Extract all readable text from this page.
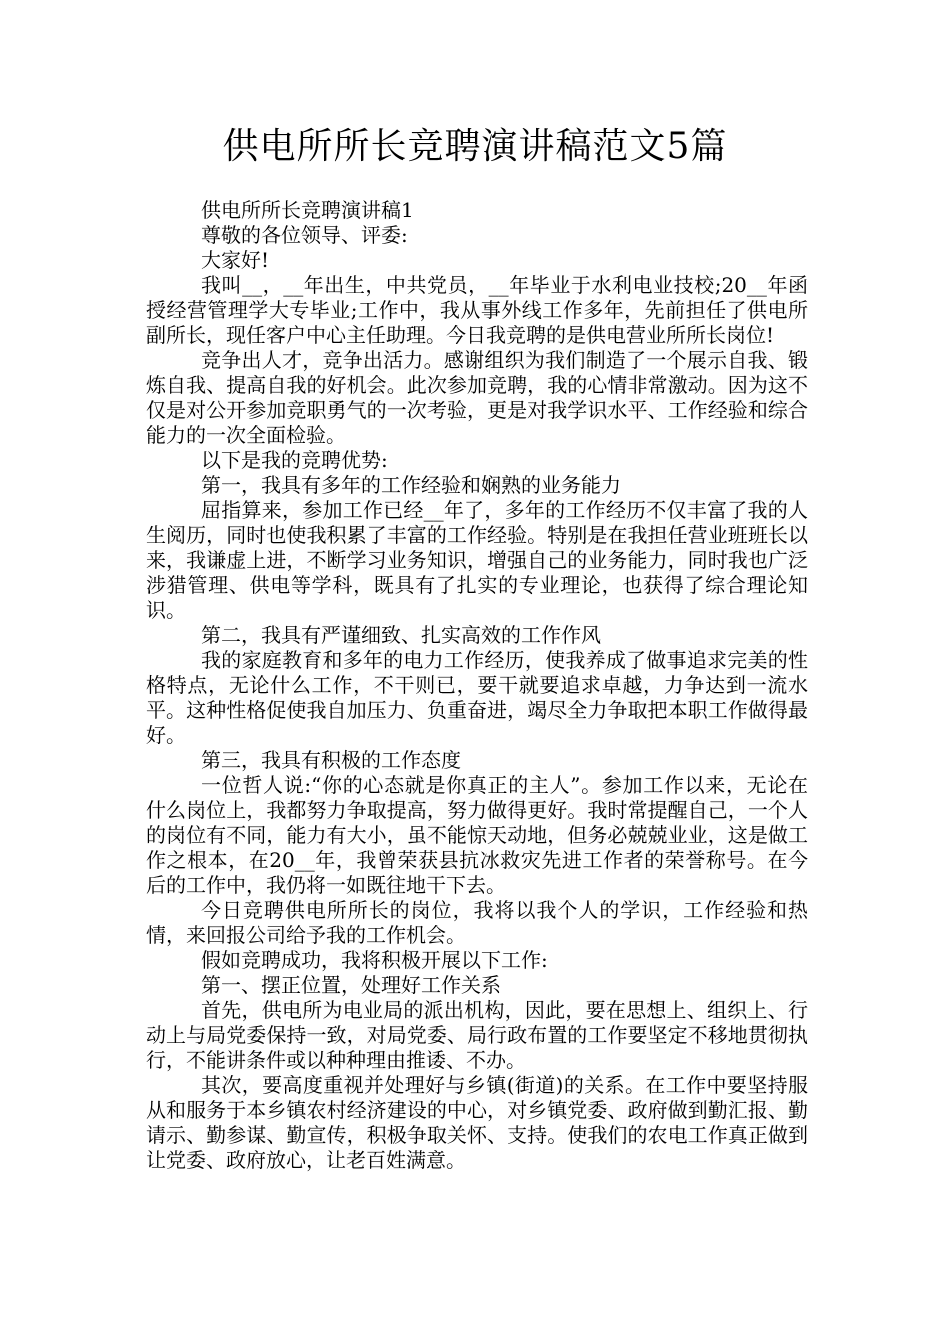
供电所所长竞聘演讲稿范文5篇

供电所所长竞聘演讲稿1

尊敬的各位领导、评委:

大家好!

我叫__，__年出生，中共党员，__年毕业于水利电业技校;20__年函授经营管理学大专毕业;工作中，我从事外线工作多年，先前担任了供电所副所长，现任客户中心主任助理。今日我竞聘的是供电营业所所长岗位!

竞争出人才，竞争出活力。感谢组织为我们制造了一个展示自我、锻炼自我、提高自我的好机会。此次参加竞聘，我的心情非常激动。因为这不仅是对公开参加竞职勇气的一次考验，更是对我学识水平、工作经验和综合能力的一次全面检验。

以下是我的竞聘优势:

第一，我具有多年的工作经验和娴熟的业务能力

屈指算来，参加工作已经__年了，多年的工作经历不仅丰富了我的人生阅历，同时也使我积累了丰富的工作经验。特别是在我担任营业班班长以来，我谦虚上进，不断学习业务知识，增强自己的业务能力，同时我也广泛涉猎管理、供电等学科，既具有了扎实的专业理论，也获得了综合理论知识。

第二，我具有严谨细致、扎实高效的工作作风

我的家庭教育和多年的电力工作经历，使我养成了做事追求完美的性格特点，无论什么工作，不干则已，要干就要追求卓越，力争达到一流水平。这种性格促使我自加压力、负重奋进，竭尽全力争取把本职工作做得最好。

第三，我具有积极的工作态度

一位哲人说:“你的心态就是你真正的主人”。参加工作以来，无论在什么岗位上，我都努力争取提高，努力做得更好。我时常提醒自己，一个人的岗位有不同，能力有大小，虽不能惊天动地，但务必兢兢业业，这是做工作之根本，在20__年，我曾荣获县抗冰救灾先进工作者的荣誉称号。在今后的工作中，我仍将一如既往地干下去。

今日竞聘供电所所长的岗位，我将以我个人的学识，工作经验和热情，来回报公司给予我的工作机会。

假如竞聘成功，我将积极开展以下工作:

第一、摆正位置，处理好工作关系

首先，供电所为电业局的派出机构，因此，要在思想上、组织上、行动上与局党委保持一致，对局党委、局行政布置的工作要坚定不移地贯彻执行，不能讲条件或以种种理由推诿、不办。

其次，要高度重视并处理好与乡镇(街道)的关系。在工作中要坚持服从和服务于本乡镇农村经济建设的中心，对乡镇党委、政府做到勤汇报、勤请示、勤参谋、勤宣传，积极争取关怀、支持。使我们的农电工作真正做到让党委、政府放心，让老百姓满意。
